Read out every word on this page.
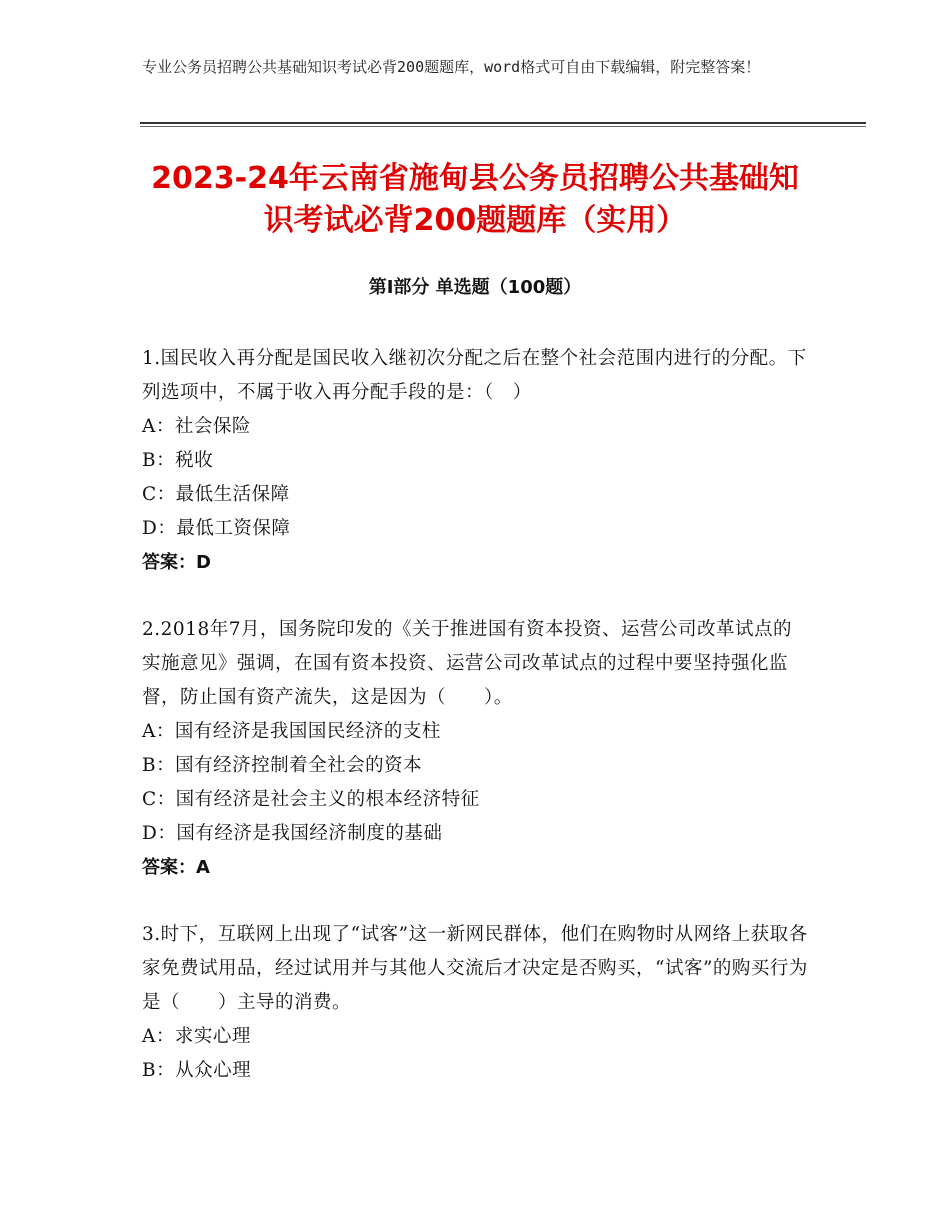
专业公务员招聘公共基础知识考试必背200题题库，word格式可自由下载编辑，附完整答案！
2023-24年云南省施甸县公务员招聘公共基础知识考试必背200题题库（实用）
第Ⅰ部分 单选题（100题）
1.国民收入再分配是国民收入继初次分配之后在整个社会范围内进行的分配。下列选项中，不属于收入再分配手段的是：（　）
A：社会保险
B：税收
C：最低生活保障
D：最低工资保障
答案：D
2.2018年7月，国务院印发的《关于推进国有资本投资、运营公司改革试点的实施意见》强调，在国有资本投资、运营公司改革试点的过程中要坚持强化监督，防止国有资产流失，这是因为（　　）。
A：国有经济是我国国民经济的支柱
B：国有经济控制着全社会的资本
C：国有经济是社会主义的根本经济特征
D：国有经济是我国经济制度的基础
答案：A
3.时下，互联网上出现了“试客”这一新网民群体，他们在购物时从网络上获取各家免费试用品，经过试用并与其他人交流后才决定是否购买，“试客”的购买行为是（　　）主导的消费。
A：求实心理
B：从众心理
